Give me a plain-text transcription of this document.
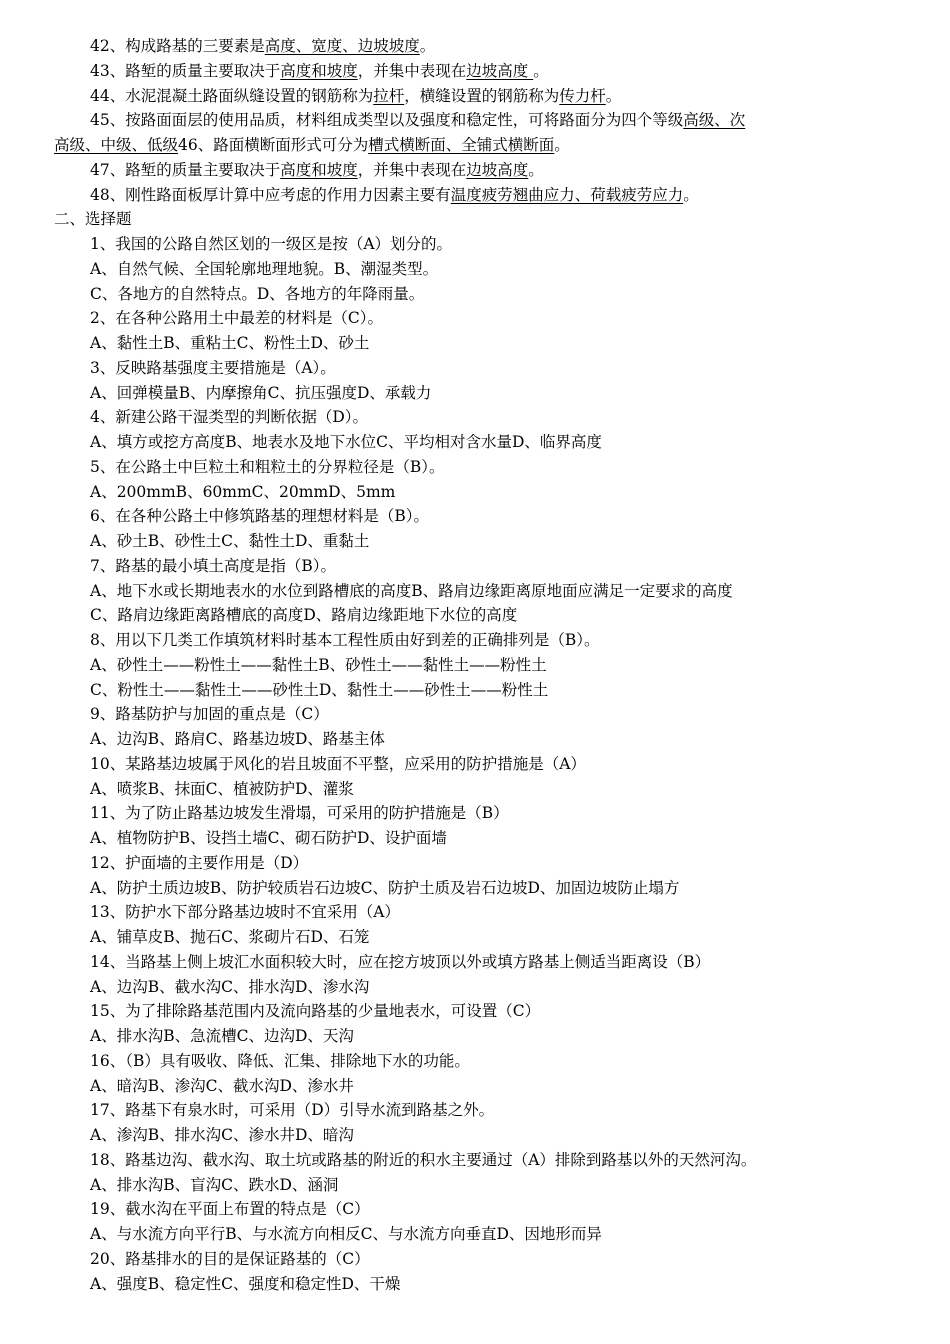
42、构成路基的三要素是高度、宽度、边坡坡度。
43、路堑的质量主要取决于高度和坡度，并集中表现在边坡高度 。
44、水泥混凝土路面纵缝设置的钢筋称为拉杆，横缝设置的钢筋称为传力杆。
45、按路面面层的使用品质，材料组成类型以及强度和稳定性，可将路面分为四个等级高级、次
高级、中级、低级46、路面横断面形式可分为槽式横断面、全铺式横断面。
47、路堑的质量主要取决于高度和坡度，并集中表现在边坡高度。
48、刚性路面板厚计算中应考虑的作用力因素主要有温度疲劳翘曲应力、荷载疲劳应力。
二、选择题
1、我国的公路自然区划的一级区是按（A）划分的。
A、自然气候、全国轮廓地理地貌。B、潮湿类型。
C、各地方的自然特点。D、各地方的年降雨量。
2、在各种公路用土中最差的材料是（C）。
A、黏性土B、重粘土C、粉性土D、砂土
3、反映路基强度主要措施是（A）。
A、回弹模量B、内摩擦角C、抗压强度D、承载力
4、新建公路干湿类型的判断依据（D）。
A、填方或挖方高度B、地表水及地下水位C、平均相对含水量D、临界高度
5、在公路土中巨粒土和粗粒土的分界粒径是（B）。
A、200mmB、60mmC、20mmD、5mm
6、在各种公路土中修筑路基的理想材料是（B）。
A、砂土B、砂性土C、黏性土D、重黏土
7、路基的最小填土高度是指（B）。
A、地下水或长期地表水的水位到路槽底的高度B、路肩边缘距离原地面应满足一定要求的高度
C、路肩边缘距离路槽底的高度D、路肩边缘距地下水位的高度
8、用以下几类工作填筑材料时基本工程性质由好到差的正确排列是（B）。
A、砂性土——粉性土——黏性土B、砂性土——黏性土——粉性土
C、粉性土——黏性土——砂性土D、黏性土——砂性土——粉性土
9、路基防护与加固的重点是（C）
A、边沟B、路肩C、路基边坡D、路基主体
10、某路基边坡属于风化的岩且坡面不平整，应采用的防护措施是（A）
A、喷浆B、抹面C、植被防护D、灌浆
11、为了防止路基边坡发生滑塌，可采用的防护措施是（B）
A、植物防护B、设挡土墙C、砌石防护D、设护面墙
12、护面墙的主要作用是（D）
A、防护土质边坡B、防护较质岩石边坡C、防护土质及岩石边坡D、加固边坡防止塌方
13、防护水下部分路基边坡时不宜采用（A）
A、铺草皮B、抛石C、浆砌片石D、石笼
14、当路基上侧上坡汇水面积较大时，应在挖方坡顶以外或填方路基上侧适当距离设（B）
A、边沟B、截水沟C、排水沟D、渗水沟
15、为了排除路基范围内及流向路基的少量地表水，可设置（C）
A、排水沟B、急流槽C、边沟D、天沟
16、（B）具有吸收、降低、汇集、排除地下水的功能。
A、暗沟B、渗沟C、截水沟D、渗水井
17、路基下有泉水时，可采用（D）引导水流到路基之外。
A、渗沟B、排水沟C、渗水井D、暗沟
18、路基边沟、截水沟、取土坑或路基的附近的积水主要通过（A）排除到路基以外的天然河沟。
A、排水沟B、盲沟C、跌水D、涵洞
19、截水沟在平面上布置的特点是（C）
A、与水流方向平行B、与水流方向相反C、与水流方向垂直D、因地形而异
20、路基排水的目的是保证路基的（C）
A、强度B、稳定性C、强度和稳定性D、干燥
